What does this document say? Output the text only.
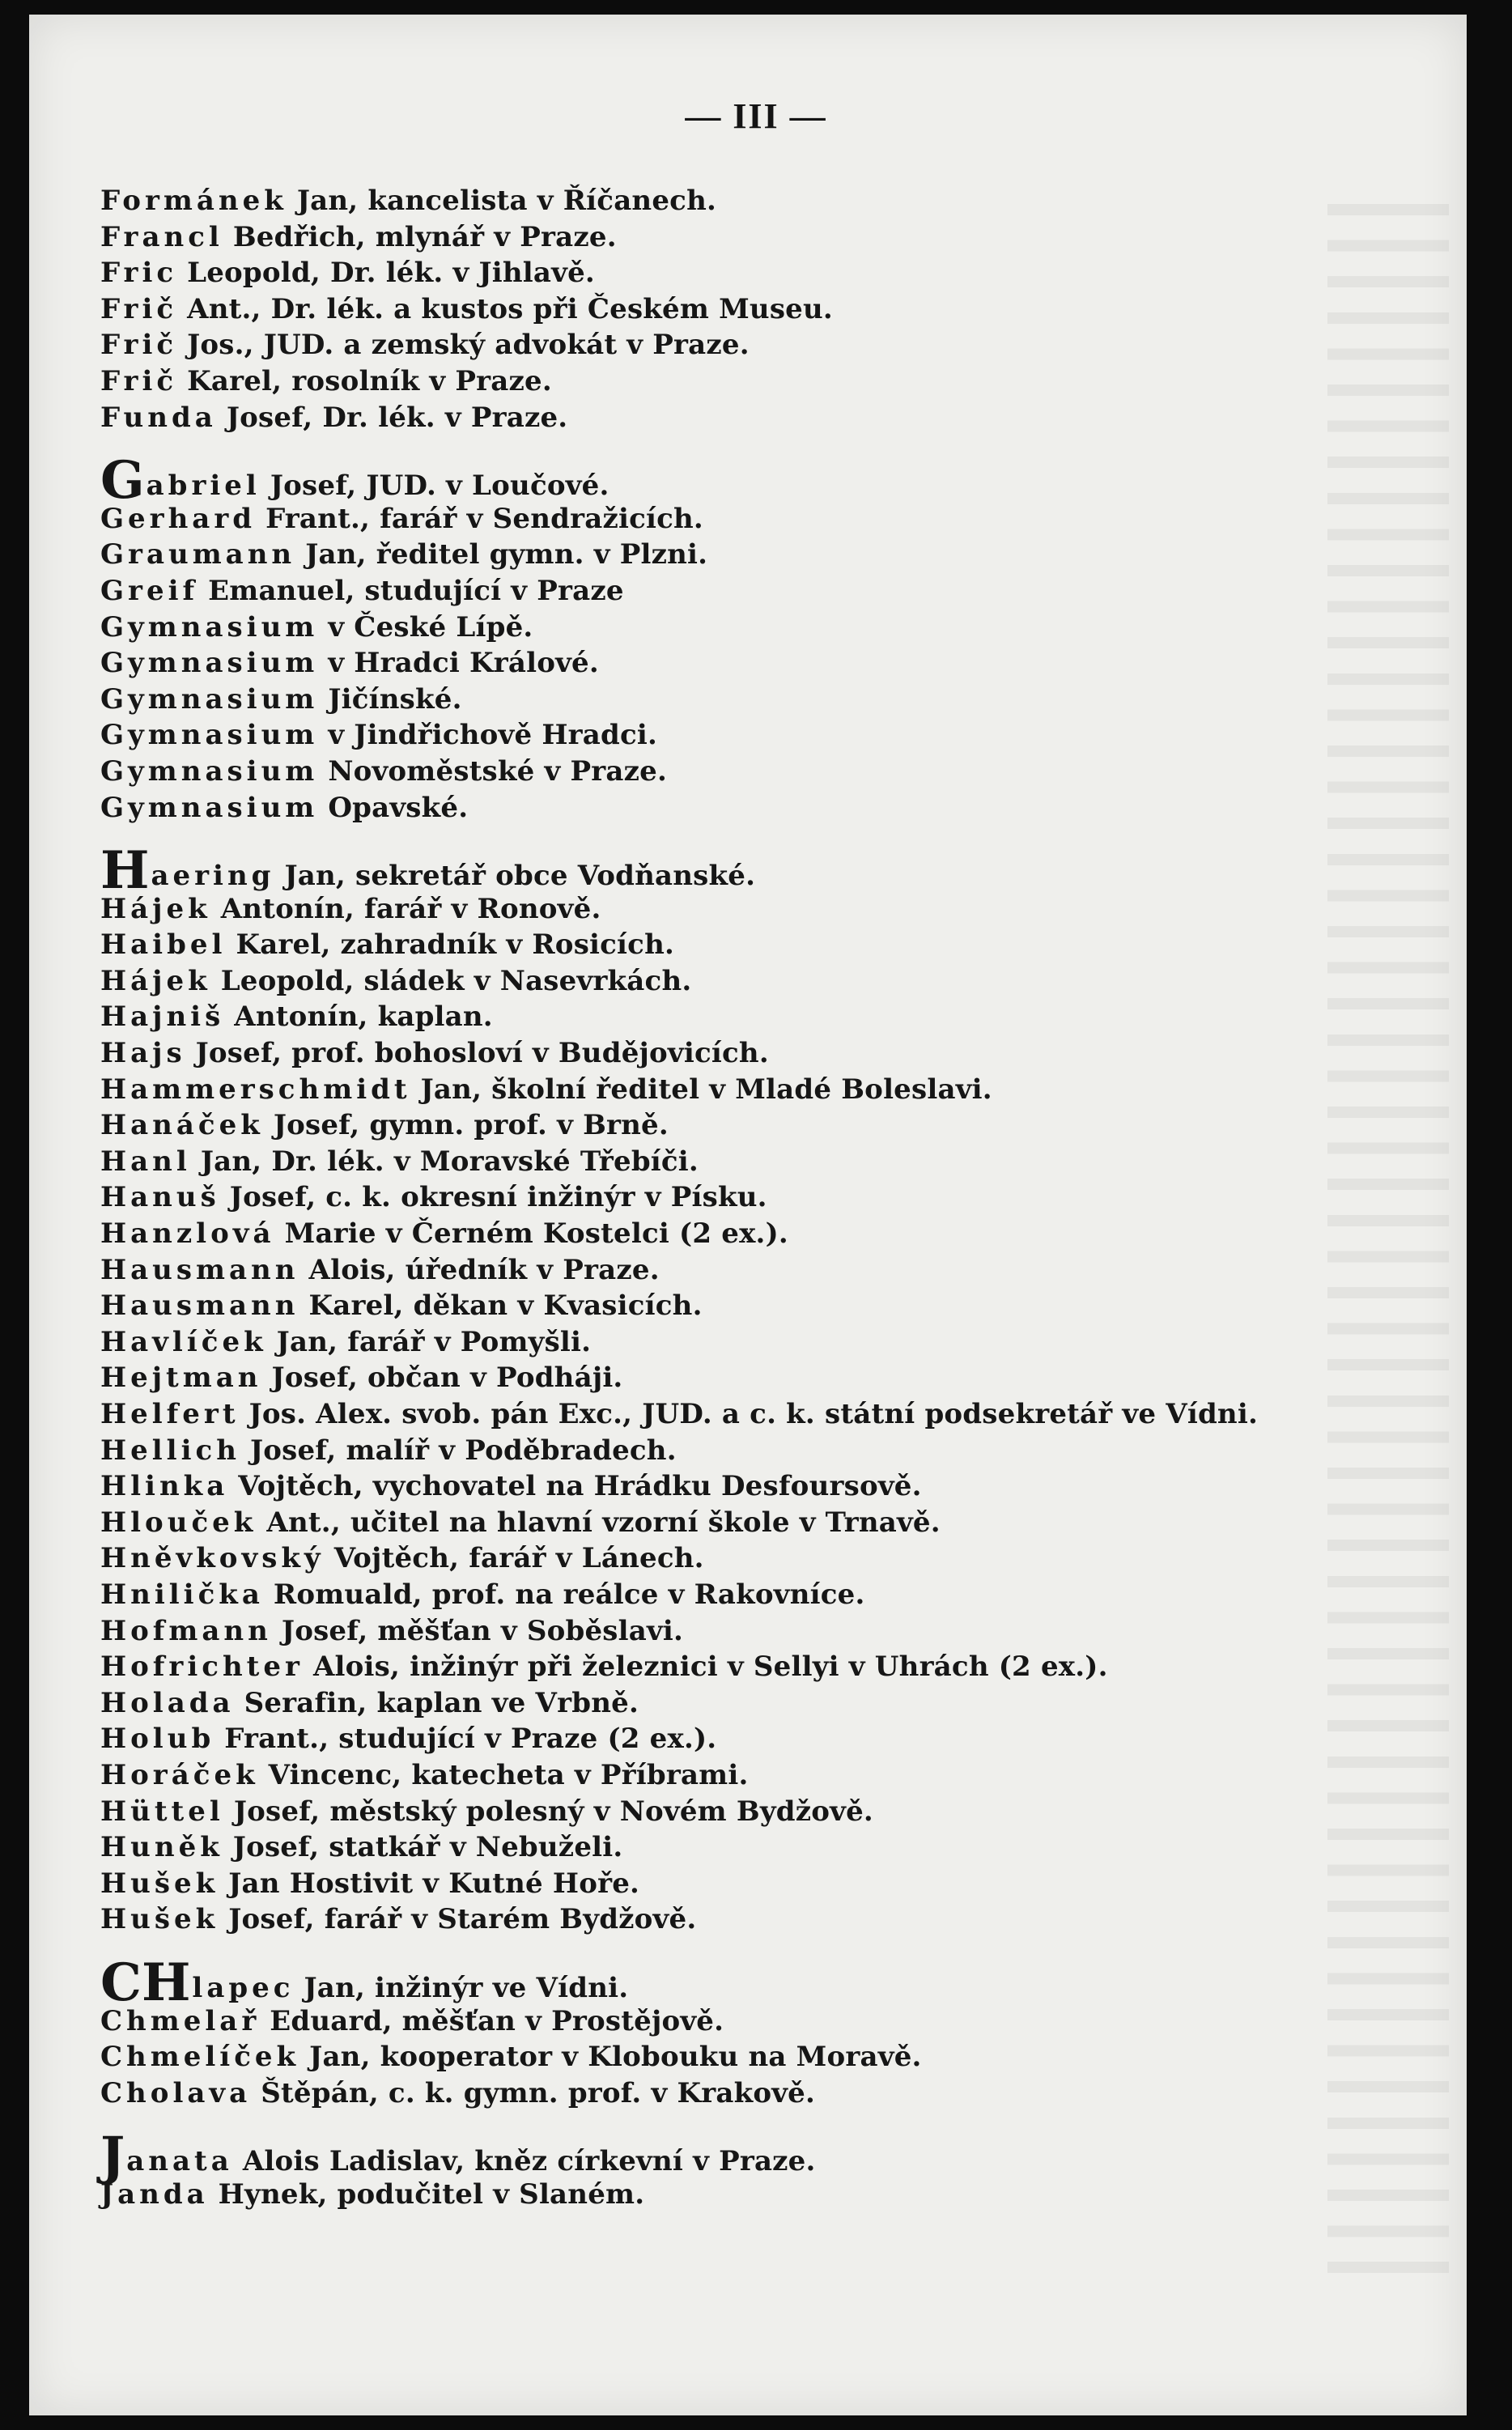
— III —
Formánek Jan, kancelista v Říčanech.
Francl Bedřich, mlynář v Praze.
Fric Leopold, Dr. lék. v Jihlavě.
Frič Ant., Dr. lék. a kustos při Českém Museu.
Frič Jos., JUD. a zemský advokát v Praze.
Frič Karel, rosolník v Praze.
Funda Josef, Dr. lék. v Praze.
Gabriel Josef, JUD. v Loučové.
Gerhard Frant., farář v Sendražicích.
Graumann Jan, ředitel gymn. v Plzni.
Greif Emanuel, studující v Praze
Gymnasium v České Lípě.
Gymnasium v Hradci Králové.
Gymnasium Jičínské.
Gymnasium v Jindřichově Hradci.
Gymnasium Novoměstské v Praze.
Gymnasium Opavské.
Haering Jan, sekretář obce Vodňanské.
Hájek Antonín, farář v Ronově.
Haibel Karel, zahradník v Rosicích.
Hájek Leopold, sládek v Nasevrkách.
Hajniš Antonín, kaplan.
Hajs Josef, prof. bohosloví v Budějovicích.
Hammerschmidt Jan, školní ředitel v Mladé Boleslavi.
Hanáček Josef, gymn. prof. v Brně.
Hanl Jan, Dr. lék. v Moravské Třebíči.
Hanuš Josef, c. k. okresní inžinýr v Písku.
Hanzlová Marie v Černém Kostelci (2 ex.).
Hausmann Alois, úředník v Praze.
Hausmann Karel, děkan v Kvasicích.
Havlíček Jan, farář v Pomyšli.
Hejtman Josef, občan v Podháji.
Helfert Jos. Alex. svob. pán Exc., JUD. a c. k. státní podsekretář ve Vídni.
Hellich Josef, malíř v Poděbradech.
Hlinka Vojtěch, vychovatel na Hrádku Desfoursově.
Hlouček Ant., učitel na hlavní vzorní škole v Trnavě.
Hněvkovský Vojtěch, farář v Lánech.
Hnilička Romuald, prof. na reálce v Rakovníce.
Hofmann Josef, měšťan v Soběslavi.
Hofrichter Alois, inžinýr při železnici v Sellyi v Uhrách (2 ex.).
Holada Serafin, kaplan ve Vrbně.
Holub Frant., studující v Praze (2 ex.).
Horáček Vincenc, katecheta v Příbrami.
Hüttel Josef, městský polesný v Novém Bydžově.
Huněk Josef, statkář v Nebuželi.
Hušek Jan Hostivit v Kutné Hoře.
Hušek Josef, farář v Starém Bydžově.
CHlapec Jan, inžinýr ve Vídni.
Chmelař Eduard, měšťan v Prostějově.
Chmelíček Jan, kooperator v Klobouku na Moravě.
Cholava Štěpán, c. k. gymn. prof. v Krakově.
Janata Alois Ladislav, kněz církevní v Praze.
Janda Hynek, podučitel v Slaném.
